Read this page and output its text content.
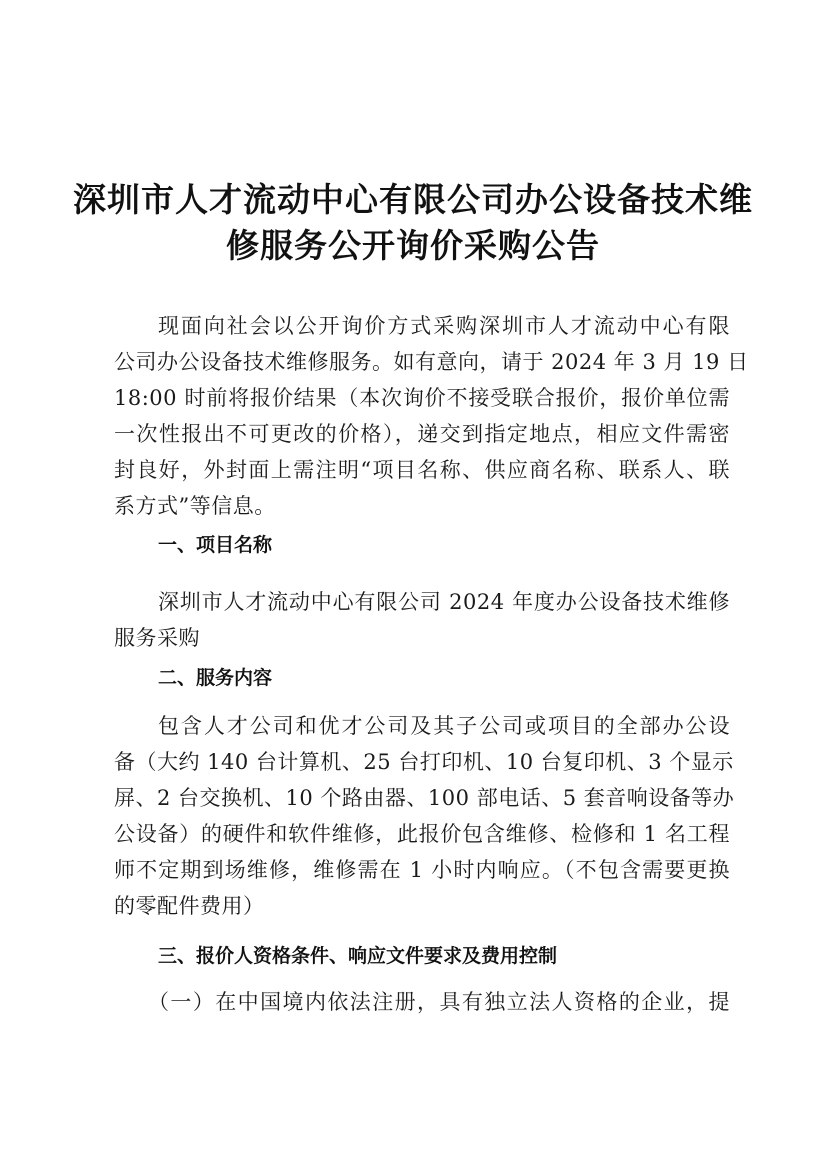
深圳市人才流动中心有限公司办公设备技术维
修服务公开询价采购公告
现面向社会以公开询价方式采购深圳市人才流动中心有限
公司办公设备技术维修服务。如有意向，请于 2024 年 3 月 19 日
18:00 时前将报价结果（本次询价不接受联合报价，报价单位需
一次性报出不可更改的价格），递交到指定地点，相应文件需密
封良好，外封面上需注明“项目名称、供应商名称、联系人、联
系方式”等信息。
一、项目名称
深圳市人才流动中心有限公司 2024 年度办公设备技术维修
服务采购
二、服务内容
包含人才公司和优才公司及其子公司或项目的全部办公设
备（大约 140 台计算机、25 台打印机、10 台复印机、3 个显示
屏、2 台交换机、10 个路由器、100 部电话、5 套音响设备等办
公设备）的硬件和软件维修，此报价包含维修、检修和 1 名工程
师不定期到场维修，维修需在 1 小时内响应。（不包含需要更换
的零配件费用）
三、报价人资格条件、响应文件要求及费用控制
（一）在中国境内依法注册，具有独立法人资格的企业，提
